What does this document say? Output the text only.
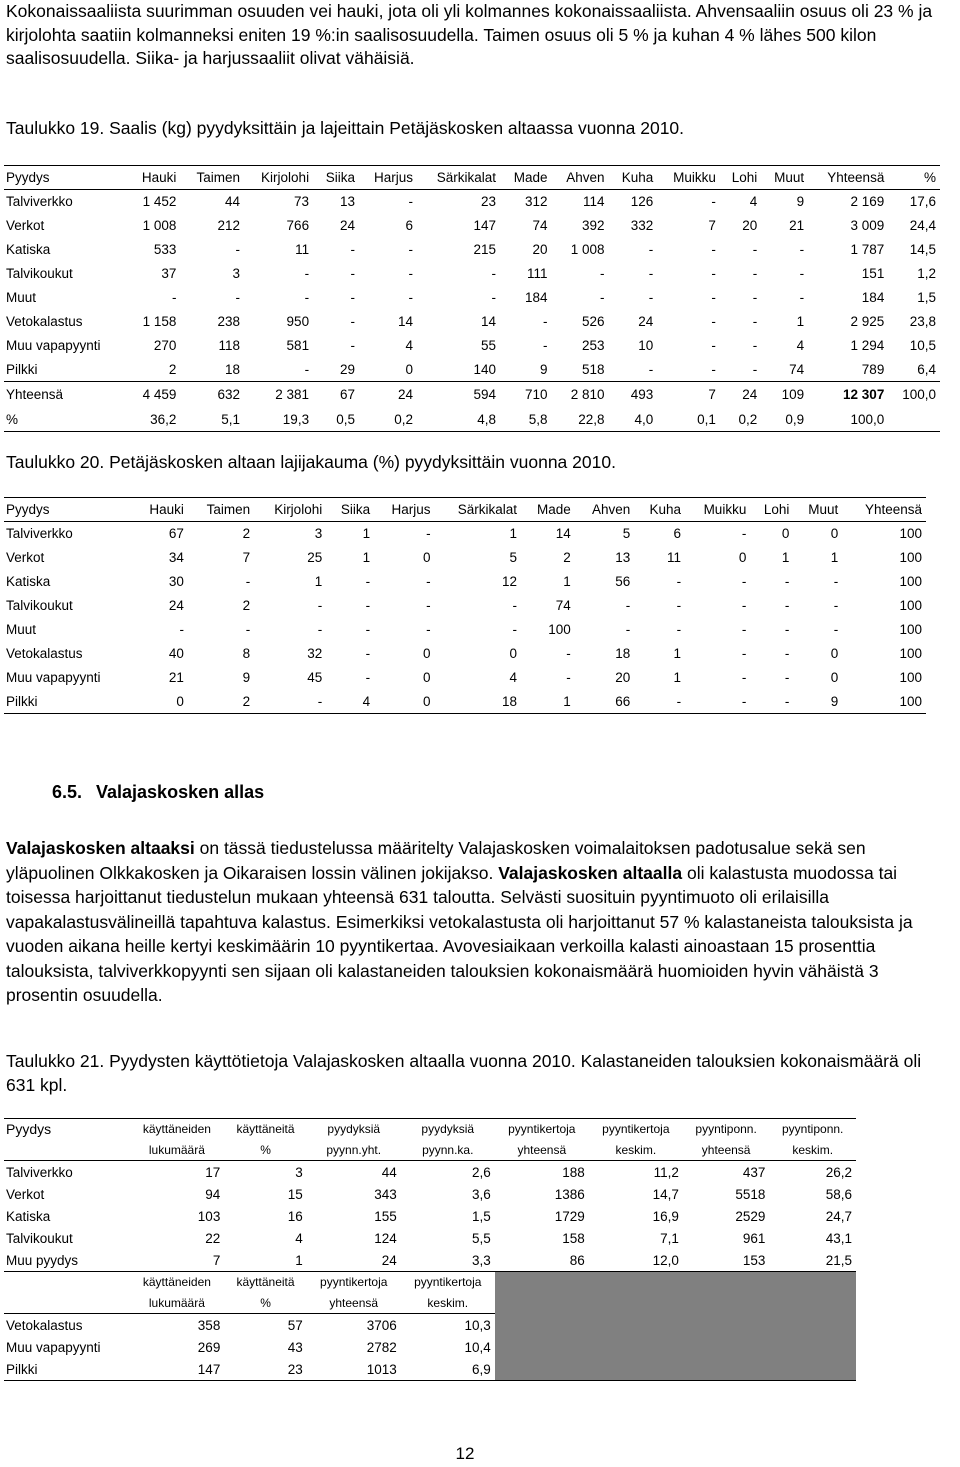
Kokonaissaaliista suurimman osuuden vei hauki, jota oli yli kolmannes kokonaissaaliista. Ahvensaaliin osuus oli 23 % ja kirjolohta saatiin kolmanneksi eniten 19 %:in saalisosuudella. Taimen osuus oli 5 % ja kuhan 4 % lähes 500 kilon saalisosuudella. Siika- ja harjussaaliit olivat vähäisiä.

Taulukko 19. Saalis (kg) pyydyksittäin ja lajeittain Petäjäskosken altaassa vuonna 2010.

Pyydys	Hauki	Taimen	Kirjolohi	Siika	Harjus	Särkikalat	Made	Ahven	Kuha	Muikku	Lohi	Muut	Yhteensä	%
Talviverkko	1 452	44	73	13	-	23	312	114	126	-	4	9	2 169	17,6
Verkot	1 008	212	766	24	6	147	74	392	332	7	20	21	3 009	24,4
Katiska	533	-	11	-	-	215	20	1 008	-	-	-	-	1 787	14,5
Talvikoukut	37	3	-	-	-	-	111	-	-	-	-	-	151	1,2
Muut	-	-	-	-	-	-	184	-	-	-	-	-	184	1,5
Vetokalastus	1 158	238	950	-	14	14	-	526	24	-	-	1	2 925	23,8
Muu vapapyynti	270	118	581	-	4	55	-	253	10	-	-	4	1 294	10,5
Pilkki	2	18	-	29	0	140	9	518	-	-	-	74	789	6,4
Yhteensä	4 459	632	2 381	67	24	594	710	2 810	493	7	24	109	12 307	100,0
%	36,2	5,1	19,3	0,5	0,2	4,8	5,8	22,8	4,0	0,1	0,2	0,9	100,0	

Taulukko 20. Petäjäskosken altaan lajijakauma (%) pyydyksittäin vuonna 2010.

Pyydys	Hauki	Taimen	Kirjolohi	Siika	Harjus	Särkikalat	Made	Ahven	Kuha	Muikku	Lohi	Muut	Yhteensä
Talviverkko	67	2	3	1	-	1	14	5	6	-	0	0	100
Verkot	34	7	25	1	0	5	2	13	11	0	1	1	100
Katiska	30	-	1	-	-	12	1	56	-	-	-	-	100
Talvikoukut	24	2	-	-	-	-	74	-	-	-	-	-	100
Muut	-	-	-	-	-	-	100	-	-	-	-	-	100
Vetokalastus	40	8	32	-	0	0	-	18	1	-	-	0	100
Muu vapapyynti	21	9	45	-	0	4	-	20	1	-	-	0	100
Pilkki	0	2	-	4	0	18	1	66	-	-	-	9	100

6.5. Valajaskosken allas

Valajaskosken altaaksi on tässä tiedustelussa määritelty Valajaskosken voimalaitoksen padotusalue sekä sen yläpuolinen Olkkakosken ja Oikaraisen lossin välinen jokijakso. Valajaskosken altaalla oli kalastusta muodossa tai toisessa harjoittanut tiedustelun mukaan yhteensä 631 taloutta. Selvästi suosituin pyyntimuoto oli erilaisilla vapakalastusvälineillä tapahtuva kalastus. Esimerkiksi vetokalastusta oli harjoittanut 57 % kalastaneista talouksista ja vuoden aikana heille kertyi keskimäärin 10 pyyntikertaa. Avovesiaikaan verkoilla kalasti ainoastaan 15 prosenttia talouksista, talviverkkopyynti sen sijaan oli kalastaneiden talouksien kokonaismäärä huomioiden hyvin vähäistä 3 prosentin osuudella.

Taulukko 21. Pyydysten käyttötietoja Valajaskosken altaalla vuonna 2010. Kalastaneiden talouksien kokonaismäärä oli 631 kpl.

Pyydys	käyttäneiden	käyttäneitä	pyydyksiä	pyydyksiä	pyyntikertoja	pyyntikertoja	pyyntiponn.	pyyntiponn.
	lukumäärä	%	pyynn.yht.	pyynn.ka.	yhteensä	keskim.	yhteensä	keskim.
Talviverkko	17	3	44	2,6	188	11,2	437	26,2
Verkot	94	15	343	3,6	1386	14,7	5518	58,6
Katiska	103	16	155	1,5	1729	16,9	2529	24,7
Talvikoukut	22	4	124	5,5	158	7,1	961	43,1
Muu pyydys	7	1	24	3,3	86	12,0	153	21,5
	käyttäneiden	käyttäneitä	pyyntikertoja	pyyntikertoja				
	lukumäärä	%	yhteensä	keskim.				
Vetokalastus	358	57	3706	10,3				
Muu vapapyynti	269	43	2782	10,4				
Pilkki	147	23	1013	6,9				
12
